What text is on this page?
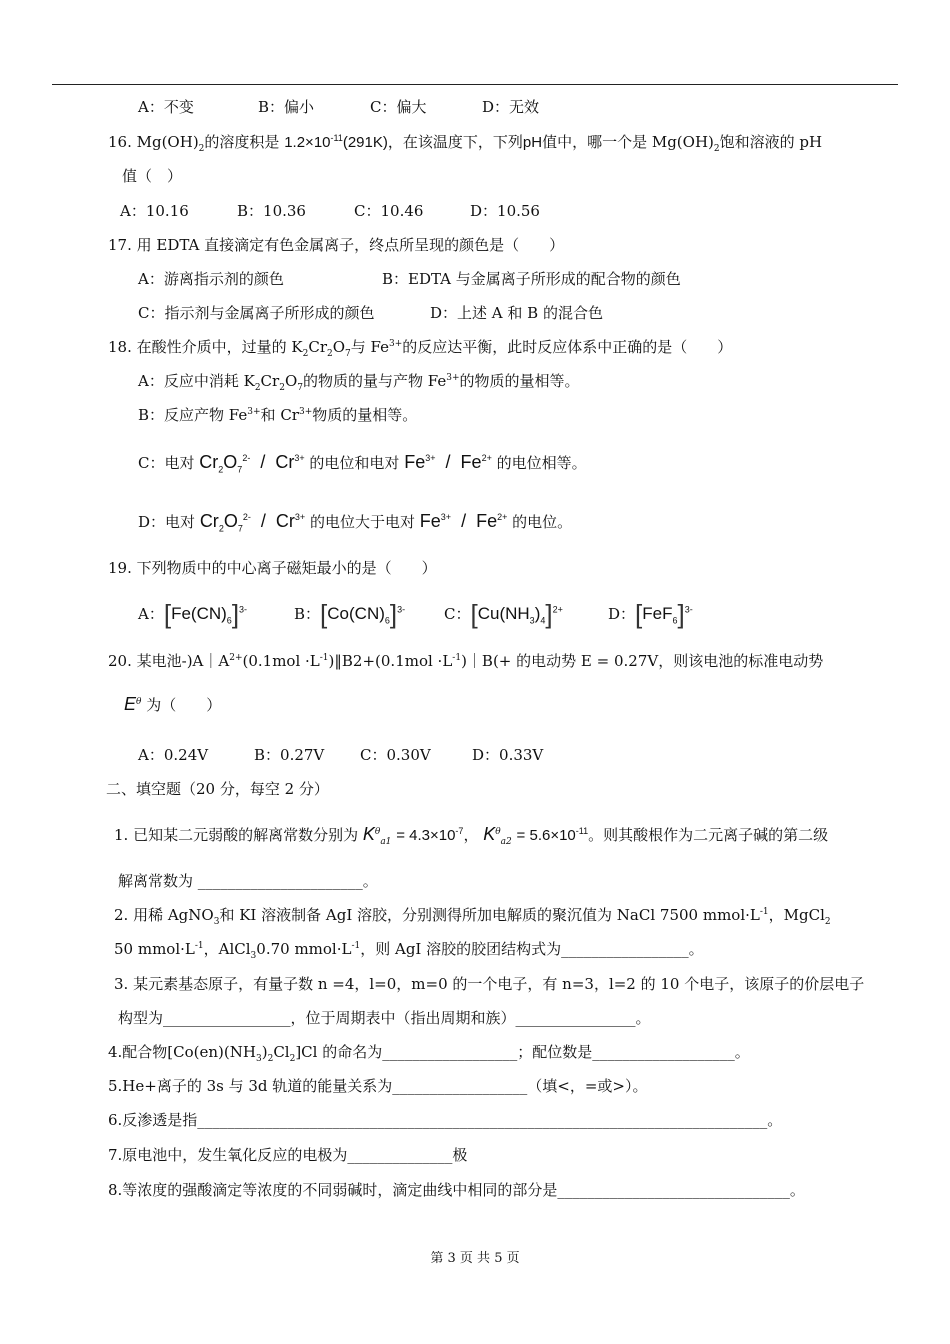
A：不变	B：偏小	C：偏大	D：无效
16. $Mg(OH)_2$的溶度积是 $1.2\times 10^{-11}(291K)$，在该温度下，下列pH值中，哪一个是 $Mg(OH)_2$饱和溶液的 pH
值（　）
A：10.16	B：10.36	C：10.46	D：10.56
17. 用 EDTA 直接滴定有色金属离子，终点所呈现的颜色是（　　）
A：游离指示剂的颜色	B：EDTA 与金属离子所形成的配合物的颜色
C：指示剂与金属离子所形成的颜色	D：上述 A 和 B 的混合色
18. 在酸性介质中，过量的 $K_2Cr_2O_7$与 $Fe^{3+}$的反应达平衡，此时反应体系中正确的是（　　）
A：反应中消耗 $K_2Cr_2O_7$的物质的量与产物 $Fe^{3+}$的物质的量相等。
B：反应产物 $Fe^{3+}$和 $Cr^{3+}$物质的量相等。
C：电对 $Cr_2O_7^{2-} / Cr^{3+}$ 的电位和电对 $Fe^{3+} / Fe^{2+}$ 的电位相等。
D：电对 $Cr_2O_7^{2-} / Cr^{3+}$ 的电位大于电对 $Fe^{3+} / Fe^{2+}$ 的电位。
19. 下列物质中的中心离子磁矩最小的是（　　）
A：$[Fe(CN)_6]^{3-}$	B：$[Co(CN)_6]^{3-}$	C：$[Cu(NH_3)_4]^{2+}$	D：$[FeF_6]^{3-}$
20. 某电池$-)A|A^{2+}(0.1mol$ $\cdot L^{-1})‖B2+(0.1mol$ $\cdot L^{-1})|B(+$ 的电动势 E = 0.27V，则该电池的标准电动势
$E^\theta$ 为（　　）
A：0.24V	B：0.27V C：0.30V	D：0.33V
二、填空题（20 分，每空 2 分）
1. 已知某二元弱酸的解离常数分别为 $K^\theta_{a1} = 4.3\times 10^{-7}$， $K^\theta_{a2} = 5.6\times 10^{-11}$。则其酸根作为二元离子碱的第二级
解离常数为 ______________________。
2. 用稀 AgNO$_3$和 KI 溶液制备 AgI 溶胶，分别测得所加电解质的聚沉值为 NaCl 7500 $mmol\cdot L^{-1}$，MgCl$_2$
50 $mmol\cdot L^{-1}$，AlCl$_3$0.70 $mmol\cdot L^{-1}$，则 AgI 溶胶的胶团结构式为_________________。
3. 某元素基态原子，有量子数 n =4，l=0，m=0 的一个电子，有 n=3，l=2 的 10 个电子，该原子的价层电子
构型为_________________，位于周期表中（指出周期和族）________________。
4.配合物$[Co(en)(NH_3)_2Cl_2]Cl$ 的命名为__________________；配位数是___________________。
5.He+离子的 3s 与 3d 轨道的能量关系为__________________（填<，=或>）。
6.反渗透是指____________________________________________________________________________。
7.原电池中，发生氧化反应的电极为______________极
8.等浓度的强酸滴定等浓度的不同弱碱时，滴定曲线中相同的部分是_______________________________。
第 3 页 共 5 页
